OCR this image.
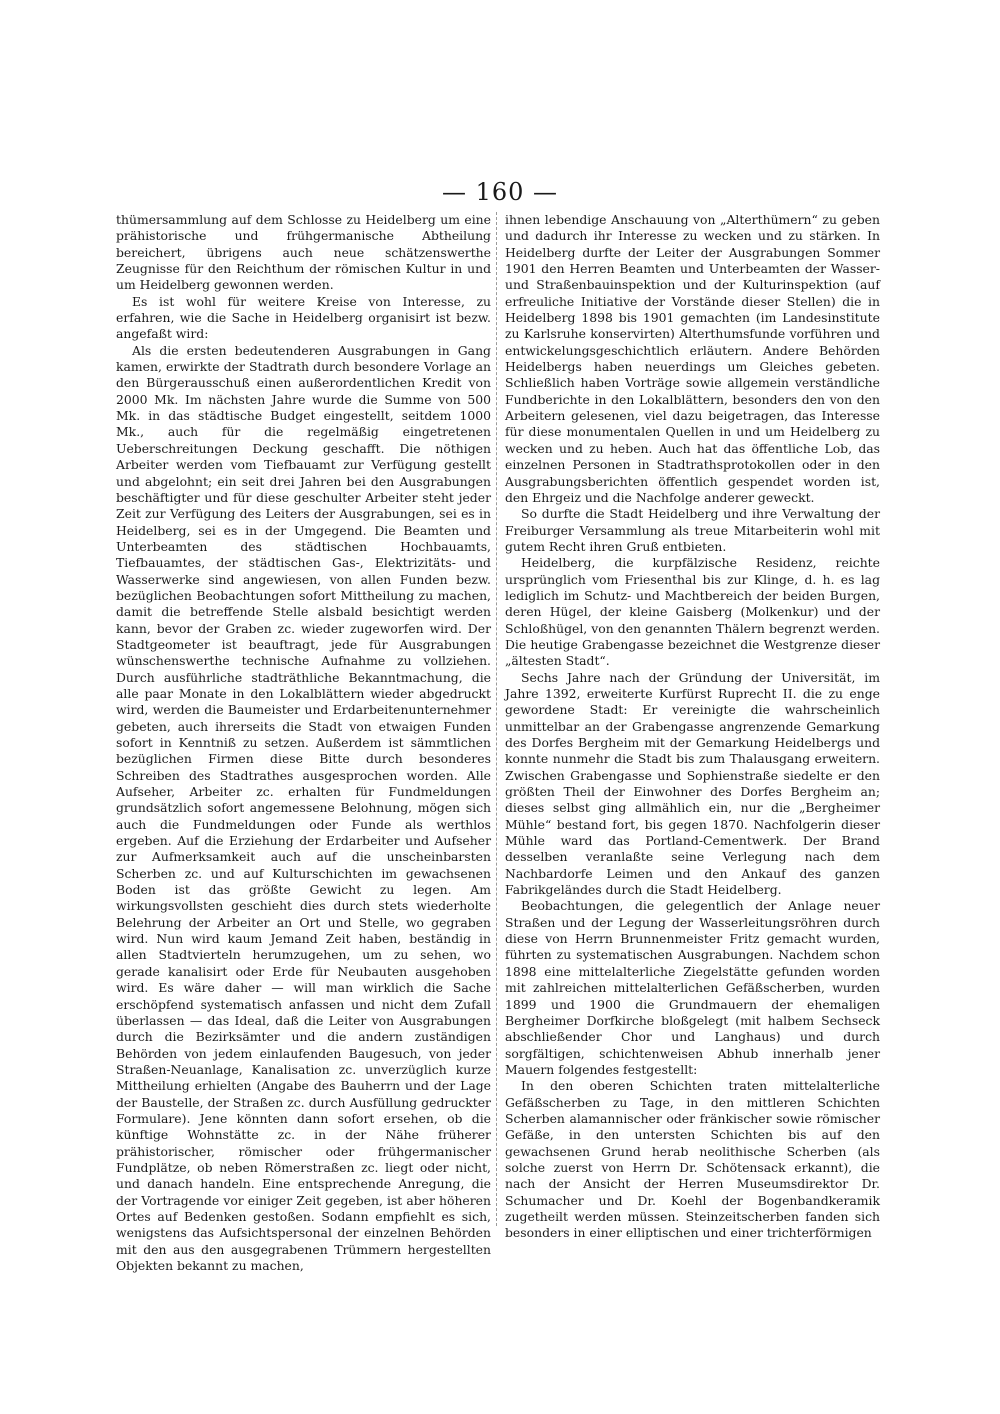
— 160 —

thümersammlung auf dem Schlosse zu Heidelberg um eine prähistorische und frühgermanische Abtheilung bereichert, übrigens auch neue schätzenswerthe Zeugnisse für den Reichthum der römischen Kultur in und um Heidelberg gewonnen werden.

Es ist wohl für weitere Kreise von Interesse, zu erfahren, wie die Sache in Heidelberg organisirt ist bezw. angefaßt wird:

Als die ersten bedeutenderen Ausgrabungen in Gang kamen, erwirkte der Stadtrath durch besondere Vorlage an den Bürgerausschuß einen außerordentlichen Kredit von 2000 Mk. Im nächsten Jahre wurde die Summe von 500 Mk. in das städtische Budget eingestellt, seitdem 1000 Mk., auch für die regelmäßig eingetretenen Ueberschreitungen Deckung geschafft. Die nöthigen Arbeiter werden vom Tiefbauamt zur Verfügung gestellt und abgelohnt; ein seit drei Jahren bei den Ausgrabungen beschäftigter und für diese geschulter Arbeiter steht jeder Zeit zur Verfügung des Leiters der Ausgrabungen, sei es in Heidelberg, sei es in der Umgegend. Die Beamten und Unterbeamten des städtischen Hochbauamts, Tiefbauamtes, der städtischen Gas-, Elektrizitäts- und Wasserwerke sind angewiesen, von allen Funden bezw. bezüglichen Beobachtungen sofort Mittheilung zu machen, damit die betreffende Stelle alsbald besichtigt werden kann, bevor der Graben zc. wieder zugeworfen wird. Der Stadtgeometer ist beauftragt, jede für Ausgrabungen wünschenswerthe technische Aufnahme zu vollziehen. Durch ausführliche stadträthliche Bekanntmachung, die alle paar Monate in den Lokalblättern wieder abgedruckt wird, werden die Baumeister und Erdarbeitenunternehmer gebeten, auch ihrerseits die Stadt von etwaigen Funden sofort in Kenntniß zu setzen. Außerdem ist sämmtlichen bezüglichen Firmen diese Bitte durch besonderes Schreiben des Stadtrathes ausgesprochen worden. Alle Aufseher, Arbeiter zc. erhalten für Fundmeldungen grundsätzlich sofort angemessene Belohnung, mögen sich auch die Fundmeldungen oder Funde als werthlos ergeben. Auf die Erziehung der Erdarbeiter und Aufseher zur Aufmerksamkeit auch auf die unscheinbarsten Scherben zc. und auf Kulturschichten im gewachsenen Boden ist das größte Gewicht zu legen. Am wirkungsvollsten geschieht dies durch stets wiederholte Belehrung der Arbeiter an Ort und Stelle, wo gegraben wird. Nun wird kaum Jemand Zeit haben, beständig in allen Stadtvierteln herumzugehen, um zu sehen, wo gerade kanalisirt oder Erde für Neubauten ausgehoben wird. Es wäre daher — will man wirklich die Sache erschöpfend systematisch anfassen und nicht dem Zufall überlassen — das Ideal, daß die Leiter von Ausgrabungen durch die Bezirksämter und die andern zuständigen Behörden von jedem einlaufenden Baugesuch, von jeder Straßen-Neuanlage, Kanalisation zc. unverzüglich kurze Mittheilung erhielten (Angabe des Bauherrn und der Lage der Baustelle, der Straßen zc. durch Ausfüllung gedruckter Formulare). Jene könnten dann sofort ersehen, ob die künftige Wohnstätte zc. in der Nähe früherer prähistorischer, römischer oder frühgermanischer Fundplätze, ob neben Römerstraßen zc. liegt oder nicht, und danach handeln. Eine entsprechende Anregung, die der Vortragende vor einiger Zeit gegeben, ist aber höheren Ortes auf Bedenken gestoßen. Sodann empfiehlt es sich, wenigstens das Aufsichtspersonal der einzelnen Behörden mit den aus den ausgegrabenen Trümmern hergestellten Objekten bekannt zu machen,

ihnen lebendige Anschauung von „Alterthümern“ zu geben und dadurch ihr Interesse zu wecken und zu stärken. In Heidelberg durfte der Leiter der Ausgrabungen Sommer 1901 den Herren Beamten und Unterbeamten der Wasser- und Straßenbauinspektion und der Kulturinspektion (auf erfreuliche Initiative der Vorstände dieser Stellen) die in Heidelberg 1898 bis 1901 gemachten (im Landesinstitute zu Karlsruhe konservirten) Alterthumsfunde vorführen und entwickelungsgeschichtlich erläutern. Andere Behörden Heidelbergs haben neuerdings um Gleiches gebeten. Schließlich haben Vorträge sowie allgemein verständliche Fundberichte in den Lokalblättern, besonders den von den Arbeitern gelesenen, viel dazu beigetragen, das Interesse für diese monumentalen Quellen in und um Heidelberg zu wecken und zu heben. Auch hat das öffentliche Lob, das einzelnen Personen in Stadtrathsprotokollen oder in den Ausgrabungsberichten öffentlich gespendet worden ist, den Ehrgeiz und die Nachfolge anderer geweckt.

So durfte die Stadt Heidelberg und ihre Verwaltung der Freiburger Versammlung als treue Mitarbeiterin wohl mit gutem Recht ihren Gruß entbieten.

Heidelberg, die kurpfälzische Residenz, reichte ursprünglich vom Friesenthal bis zur Klinge, d. h. es lag lediglich im Schutz- und Machtbereich der beiden Burgen, deren Hügel, der kleine Gaisberg (Molkenkur) und der Schloßhügel, von den genannten Thälern begrenzt werden. Die heutige Grabengasse bezeichnet die Westgrenze dieser „ältesten Stadt“.

Sechs Jahre nach der Gründung der Universität, im Jahre 1392, erweiterte Kurfürst Ruprecht II. die zu enge gewordene Stadt: Er vereinigte die wahrscheinlich unmittelbar an der Grabengasse angrenzende Gemarkung des Dorfes Bergheim mit der Gemarkung Heidelbergs und konnte nunmehr die Stadt bis zum Thalausgang erweitern. Zwischen Grabengasse und Sophienstraße siedelte er den größten Theil der Einwohner des Dorfes Bergheim an; dieses selbst ging allmählich ein, nur die „Bergheimer Mühle“ bestand fort, bis gegen 1870. Nachfolgerin dieser Mühle ward das Portland-Cementwerk. Der Brand desselben veranlaßte seine Verlegung nach dem Nachbardorfe Leimen und den Ankauf des ganzen Fabrikgeländes durch die Stadt Heidelberg.

Beobachtungen, die gelegentlich der Anlage neuer Straßen und der Legung der Wasserleitungsröhren durch diese von Herrn Brunnenmeister Fritz gemacht wurden, führten zu systematischen Ausgrabungen. Nachdem schon 1898 eine mittelalterliche Ziegelstätte gefunden worden mit zahlreichen mittelalterlichen Gefäßscherben, wurden 1899 und 1900 die Grundmauern der ehemaligen Bergheimer Dorfkirche bloßgelegt (mit halbem Sechseck abschließender Chor und Langhaus) und durch sorgfältigen, schichtenweisen Abhub innerhalb jener Mauern folgendes festgestellt:

In den oberen Schichten traten mittelalterliche Gefäßscherben zu Tage, in den mittleren Schichten Scherben alamannischer oder fränkischer sowie römischer Gefäße, in den untersten Schichten bis auf den gewachsenen Grund herab neolithische Scherben (als solche zuerst von Herrn Dr. Schötensack erkannt), die nach der Ansicht der Herren Museumsdirektor Dr. Schumacher und Dr. Koehl der Bogenbandkeramik zugetheilt werden müssen. Steinzeitscherben fanden sich besonders in einer elliptischen und einer trichterförmigen
